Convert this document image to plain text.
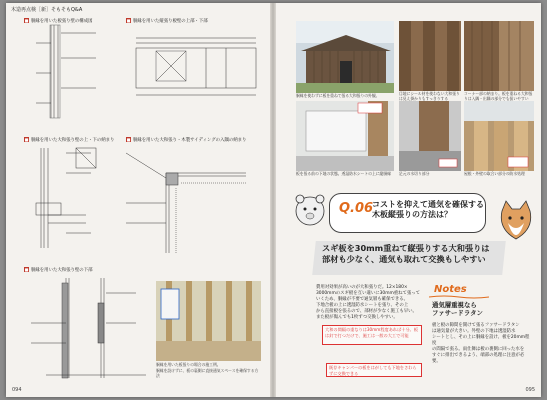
木造再点検［新］そもそもQ&A
■ 胴縁を用いた板張り壁の構成図	■ 胴縁を用いた縦張り板壁の上部・下部
■ 胴縁を用いた大和張り壁の上・下の納まり	■ 胴縁を用いた大和張り・木製サイディングの入隅の納まり
■ 胴縁を用いた大和張り壁の下部
胴縁を用いた板張りの場合の施工例。
胴縁を設けずに、板の裏側に直接通気スペースを確保する方法
094
胴縁を使わずに板を重ねて張る大和張りの外観。	目地にシール材を使わない大和張りは見え掛かりもすっきりする
コーナー部の納まり。板を重ねる大和張りは入隅・出隅の部分でも扱いやすい
板を張る前の下地の状態。透湿防水シートの上に縦胴縁	足元の水切り部分	屋根・外壁の取合い部分の防水処理
Q.06
コストを抑えて通気を確保する
木板縦張りの方法は？
スギ板を30mm重ねて縦張りする大和張りは
部材も少なく、通気も取れて交換もしやすい
費用対効果が高いのが大和張りだ。12×180×
3000mmのスギ板を互い違いに30mm重ねて張って
いくため、胴縁が不要で通気層も確保できる。
下地合板の上に透湿防水シートを張り、その上
から直接板を張るので、部材が少なく施工も早い。
また板が傷んでも1枚ずつ交換しやすい。
大和の間隔の重なりは30mm程度あれば十分。板は釘で打つだけで、施工は一般の大工で可能
既存キャンパーの板をはがしても下地をさわらずに交換できる
Notes
通気層重視なら
ファサードラタン
板と板の隙間を開けて張るファサードラタン
は通気量が大きい。外壁の下地は透湿防水
シートとし、その上に胴縁を設け、板を20mm程度
の間隔で張る。雨仕舞は板の裏側に回った水を
すぐに排出できるよう、端部の処理に注意が必要。
095
